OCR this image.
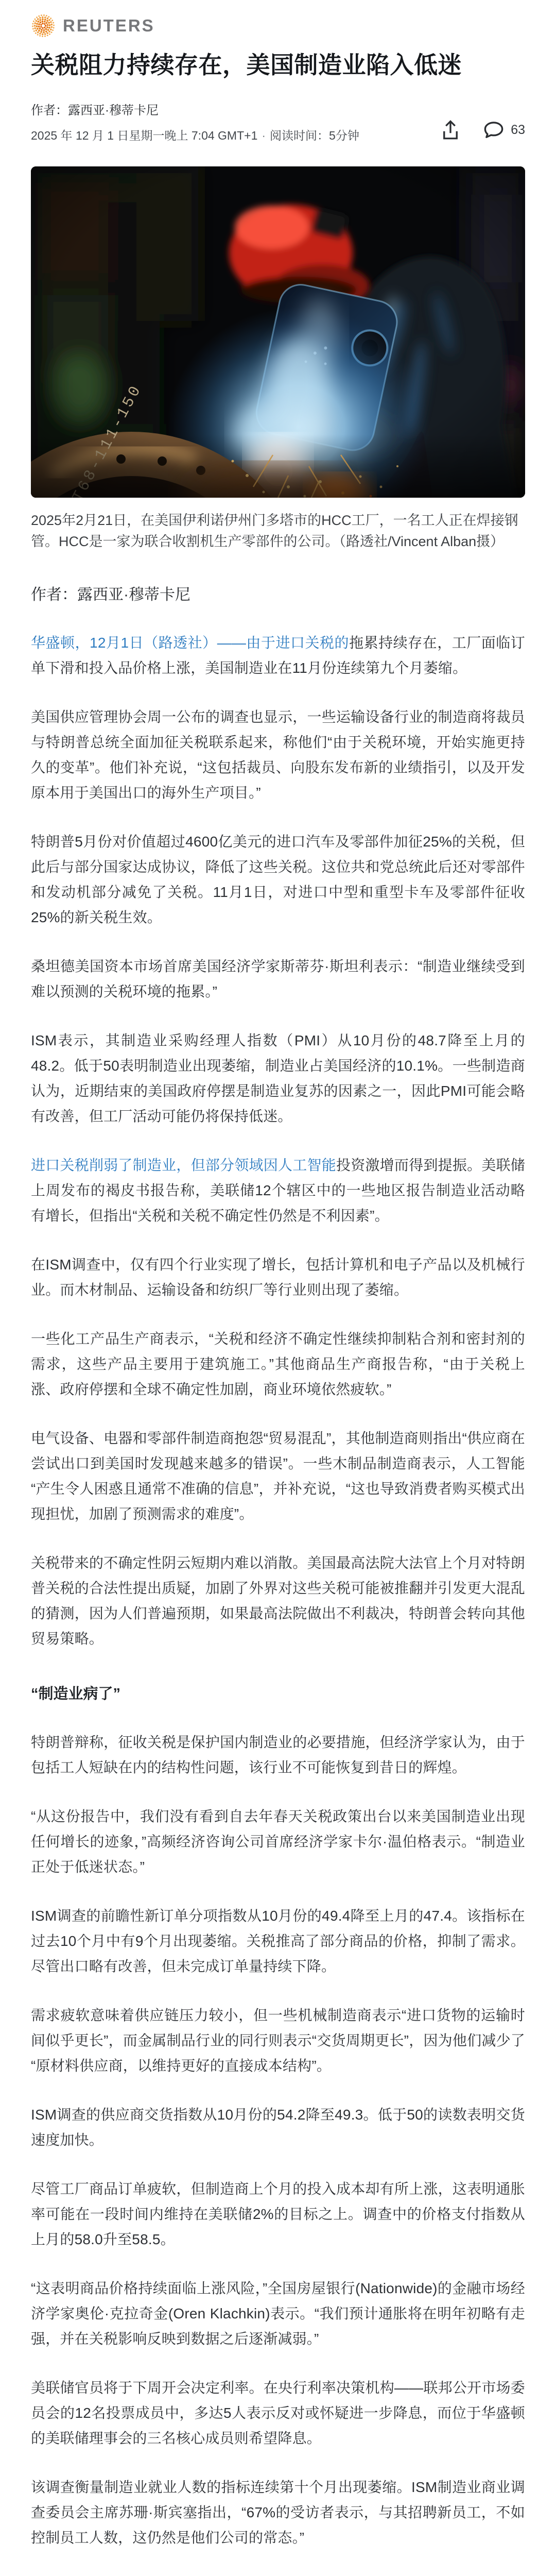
REUTERS
关税阻力持续存在，美国制造业陷入低迷
作者：露西亚·穆蒂卡尼
2025 年 12 月 1 日星期一晚上 7:04 GMT+1 · 阅读时间：5分钟	63
2025年2月21日，在美国伊利诺伊州门多塔市的HCC工厂，一名工人正在焊接钢管。HCC是一家为联合收割机生产零部件的公司。（路透社/Vincent Alban摄）
作者：露西亚·穆蒂卡尼

华盛顿，12月1日（路透社）——由于进口关税的拖累持续存在，工厂面临订单下滑和投入品价格上涨，美国制造业在11月份连续第九个月萎缩。

美国供应管理协会周一公布的调查也显示，一些运输设备行业的制造商将裁员与特朗普总统全面加征关税联系起来，称他们“由于关税环境，开始实施更持久的变革”。他们补充说，“这包括裁员、向股东发布新的业绩指引，以及开发原本用于美国出口的海外生产项目。”

特朗普5月份对价值超过4600亿美元的进口汽车及零部件加征25%的关税，但此后与部分国家达成协议，降低了这些关税。这位共和党总统此后还对零部件和发动机部分减免了关税。11月1日，对进口中型和重型卡车及零部件征收25%的新关税生效。

桑坦德美国资本市场首席美国经济学家斯蒂芬·斯坦利表示：“制造业继续受到难以预测的关税环境的拖累。”

ISM表示，其制造业采购经理人指数（PMI）从10月份的48.7降至上月的48.2。低于50表明制造业出现萎缩，制造业占美国经济的10.1%。一些制造商认为，近期结束的美国政府停摆是制造业复苏的因素之一，因此PMI可能会略有改善，但工厂活动可能仍将保持低迷。

进口关税削弱了制造业，但部分领域因人工智能投资激增而得到提振。美联储上周发布的褐皮书报告称，美联储12个辖区中的一些地区报告制造业活动略有增长，但指出“关税和关税不确定性仍然是不利因素”。

在ISM调查中，仅有四个行业实现了增长，包括计算机和电子产品以及机械行业。而木材制品、运输设备和纺织厂等行业则出现了萎缩。

一些化工产品生产商表示，“关税和经济不确定性继续抑制粘合剂和密封剂的需求，这些产品主要用于建筑施工。”其他商品生产商报告称，“由于关税上涨、政府停摆和全球不确定性加剧，商业环境依然疲软。”

电气设备、电器和零部件制造商抱怨“贸易混乱”，其他制造商则指出“供应商在尝试出口到美国时发现越来越多的错误”。一些木制品制造商表示，人工智能“产生令人困惑且通常不准确的信息”，并补充说，“这也导致消费者购买模式出现担忧，加剧了预测需求的难度”。

关税带来的不确定性阴云短期内难以消散。美国最高法院大法官上个月对特朗普关税的合法性提出质疑，加剧了外界对这些关税可能被推翻并引发更大混乱的猜测，因为人们普遍预期，如果最高法院做出不利裁决，特朗普会转向其他贸易策略。

“制造业病了”

特朗普辩称，征收关税是保护国内制造业的必要措施，但经济学家认为，由于包括工人短缺在内的结构性问题，该行业不可能恢复到昔日的辉煌。

“从这份报告中，我们没有看到自去年春天关税政策出台以来美国制造业出现任何增长的迹象，”高频经济咨询公司首席经济学家卡尔·温伯格表示。“制造业正处于低迷状态。”

ISM调查的前瞻性新订单分项指数从10月份的49.4降至上月的47.4。该指标在过去10个月中有9个月出现萎缩。关税推高了部分商品的价格，抑制了需求。尽管出口略有改善，但未完成订单量持续下降。

需求疲软意味着供应链压力较小，但一些机械制造商表示“进口货物的运输时间似乎更长”，而金属制品行业的同行则表示“交货周期更长”，因为他们减少了“原材料供应商，以维持更好的直接成本结构”。

ISM调查的供应商交货指数从10月份的54.2降至49.3。低于50的读数表明交货速度加快。

尽管工厂商品订单疲软，但制造商上个月的投入成本却有所上涨，这表明通胀率可能在一段时间内维持在美联储2%的目标之上。调查中的价格支付指数从上月的58.0升至58.5。

“这表明商品价格持续面临上涨风险，”全国房屋银行(Nationwide)的金融市场经济学家奥伦·克拉奇金(Oren Klachkin)表示。“我们预计通胀将在明年初略有走强，并在关税影响反映到数据之后逐渐减弱。”

美联储官员将于下周开会决定利率。在央行利率决策机构——联邦公开市场委员会的12名投票成员中，多达5人表示反对或怀疑进一步降息，而位于华盛顿的美联储理事会的三名核心成员则希望降息。

该调查衡量制造业就业人数的指标连续第十个月出现萎缩。ISM制造业商业调查委员会主席苏珊·斯宾塞指出，“67%的受访者表示，与其招聘新员工，不如控制员工人数，这仍然是他们公司的常态。”
